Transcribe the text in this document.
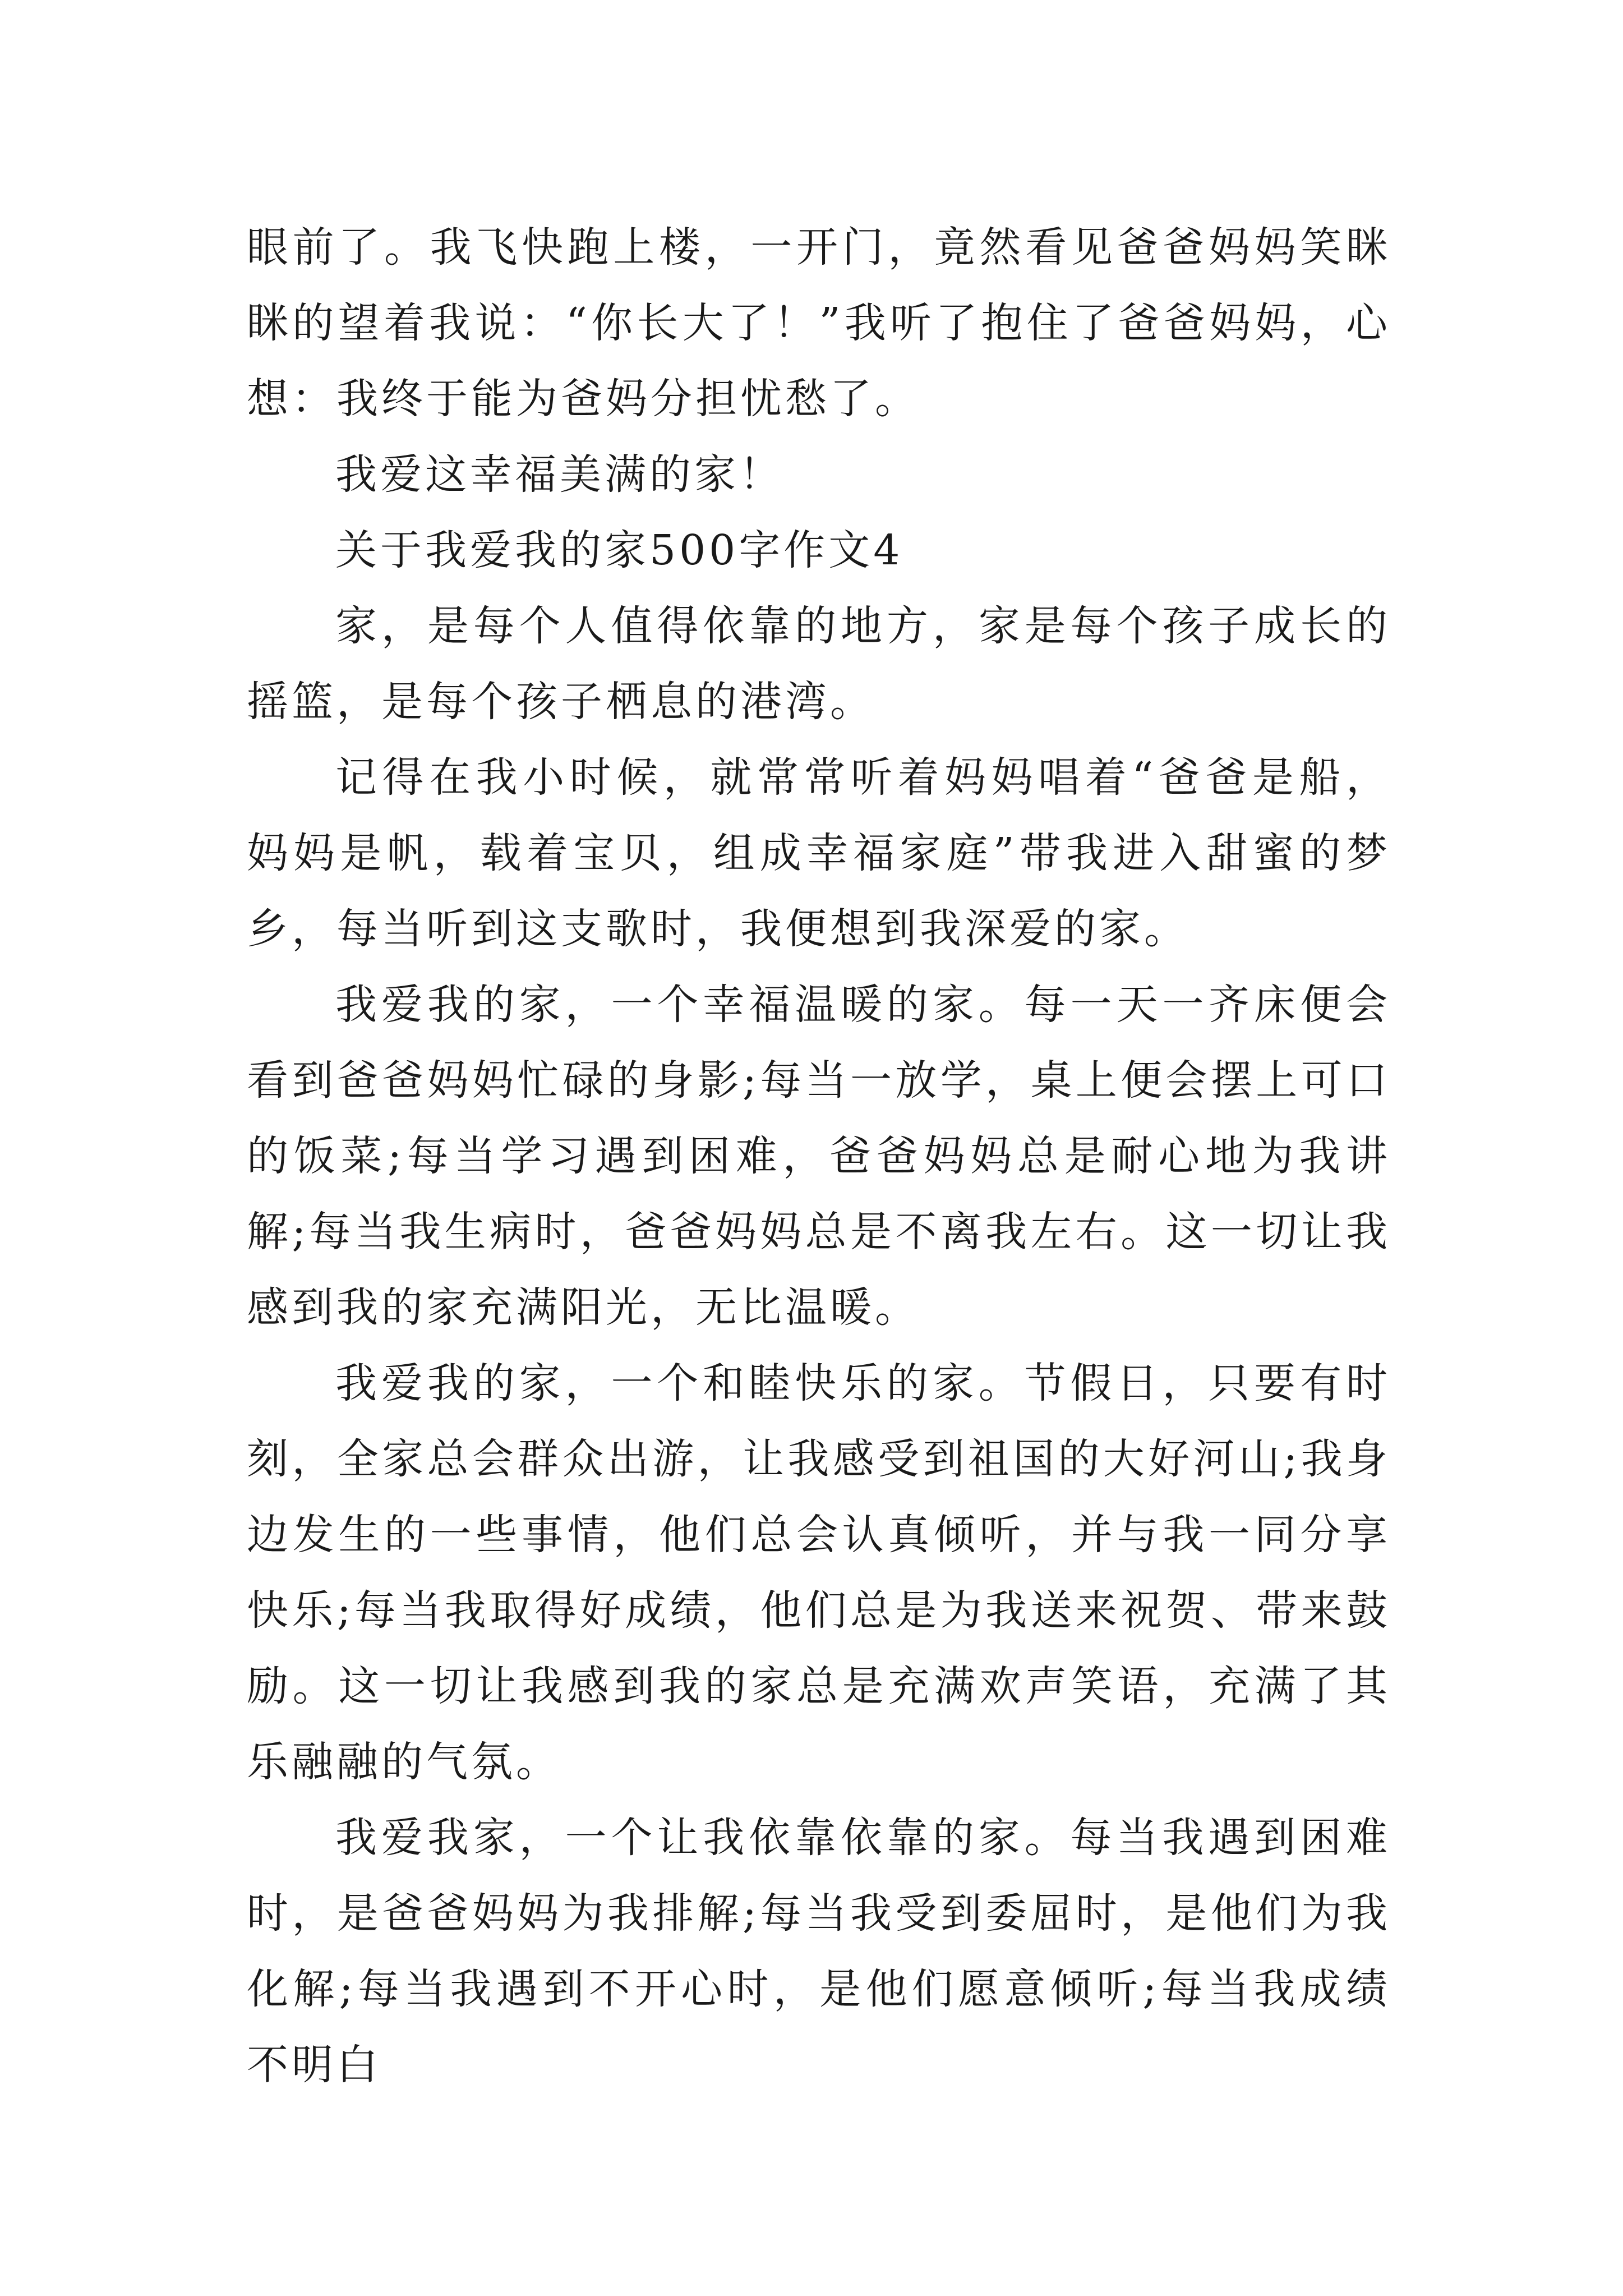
眼前了。我飞快跑上楼，一开门，竟然看见爸爸妈妈笑眯眯的望着我说：“你长大了！”我听了抱住了爸爸妈妈，心想：我终于能为爸妈分担忧愁了。

我爱这幸福美满的家！

关于我爱我的家500字作文4

家，是每个人值得依靠的地方，家是每个孩子成长的摇篮，是每个孩子栖息的港湾。

记得在我小时候，就常常听着妈妈唱着“爸爸是船，妈妈是帆，载着宝贝，组成幸福家庭”带我进入甜蜜的梦乡，每当听到这支歌时，我便想到我深爱的家。

我爱我的家，一个幸福温暖的家。每一天一齐床便会看到爸爸妈妈忙碌的身影;每当一放学，桌上便会摆上可口的饭菜;每当学习遇到困难，爸爸妈妈总是耐心地为我讲解;每当我生病时，爸爸妈妈总是不离我左右。这一切让我感到我的家充满阳光，无比温暖。

我爱我的家，一个和睦快乐的家。节假日，只要有时刻，全家总会群众出游，让我感受到祖国的大好河山;我身边发生的一些事情，他们总会认真倾听，并与我一同分享快乐;每当我取得好成绩，他们总是为我送来祝贺、带来鼓励。这一切让我感到我的家总是充满欢声笑语，充满了其乐融融的气氛。

我爱我家，一个让我依靠依靠的家。每当我遇到困难时，是爸爸妈妈为我排解;每当我受到委屈时，是他们为我化解;每当我遇到不开心时，是他们愿意倾听;每当我成绩不明白
